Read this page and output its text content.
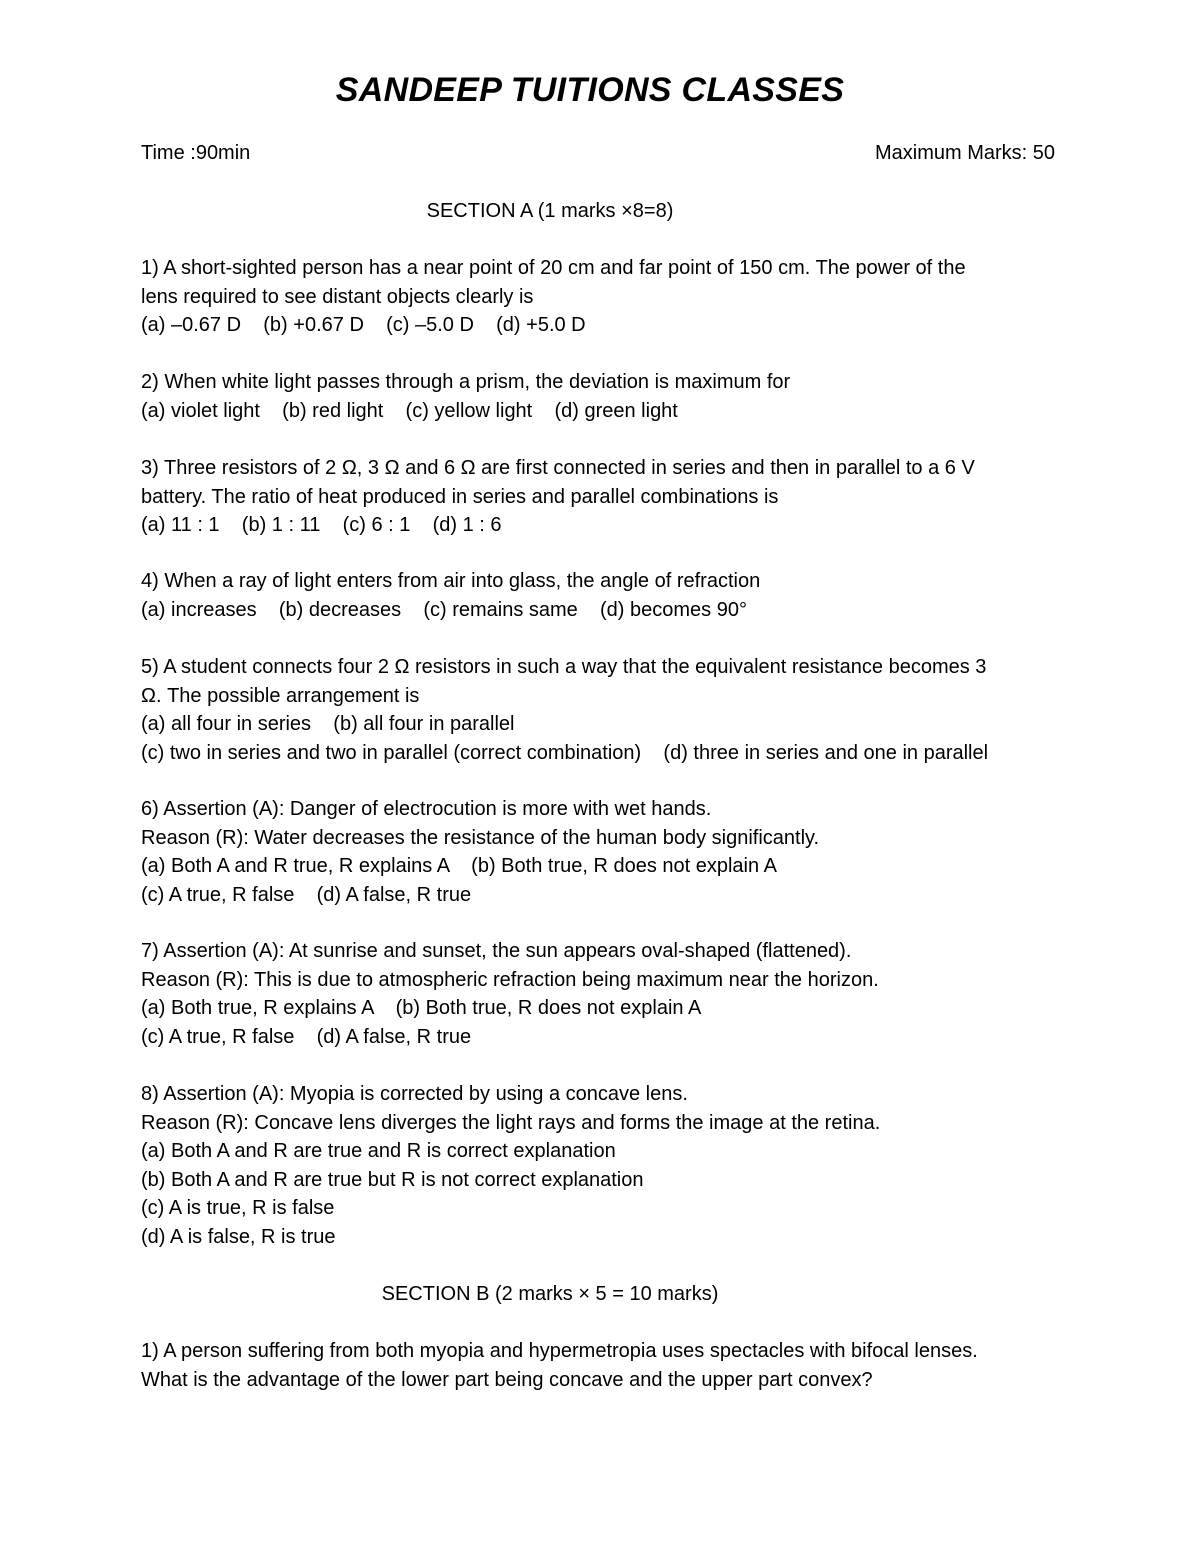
SANDEEP TUITIONS CLASSES
Time :90min	Maximum Marks: 50
SECTION A (1 marks ×8=8)
1) A short-sighted person has a near point of 20 cm and far point of 150 cm. The power of the
lens required to see distant objects clearly is
(a) –0.67 D    (b) +0.67 D    (c) –5.0 D    (d) +5.0 D
2) When white light passes through a prism, the deviation is maximum for
(a) violet light    (b) red light    (c) yellow light    (d) green light
3) Three resistors of 2 Ω, 3 Ω and 6 Ω are first connected in series and then in parallel to a 6 V
battery. The ratio of heat produced in series and parallel combinations is
(a) 11 : 1    (b) 1 : 11    (c) 6 : 1    (d) 1 : 6
4) When a ray of light enters from air into glass, the angle of refraction
(a) increases    (b) decreases    (c) remains same    (d) becomes 90°
5) A student connects four 2 Ω resistors in such a way that the equivalent resistance becomes 3
Ω. The possible arrangement is
(a) all four in series    (b) all four in parallel
(c) two in series and two in parallel (correct combination)    (d) three in series and one in parallel
6) Assertion (A): Danger of electrocution is more with wet hands.
Reason (R): Water decreases the resistance of the human body significantly.
(a) Both A and R true, R explains A    (b) Both true, R does not explain A
(c) A true, R false    (d) A false, R true
7) Assertion (A): At sunrise and sunset, the sun appears oval-shaped (flattened).
Reason (R): This is due to atmospheric refraction being maximum near the horizon.
(a) Both true, R explains A    (b) Both true, R does not explain A
(c) A true, R false    (d) A false, R true
8) Assertion (A): Myopia is corrected by using a concave lens.
Reason (R): Concave lens diverges the light rays and forms the image at the retina.
(a) Both A and R are true and R is correct explanation
(b) Both A and R are true but R is not correct explanation
(c) A is true, R is false
(d) A is false, R is true
SECTION B (2 marks × 5 = 10 marks)
1) A person suffering from both myopia and hypermetropia uses spectacles with bifocal lenses.
What is the advantage of the lower part being concave and the upper part convex?
